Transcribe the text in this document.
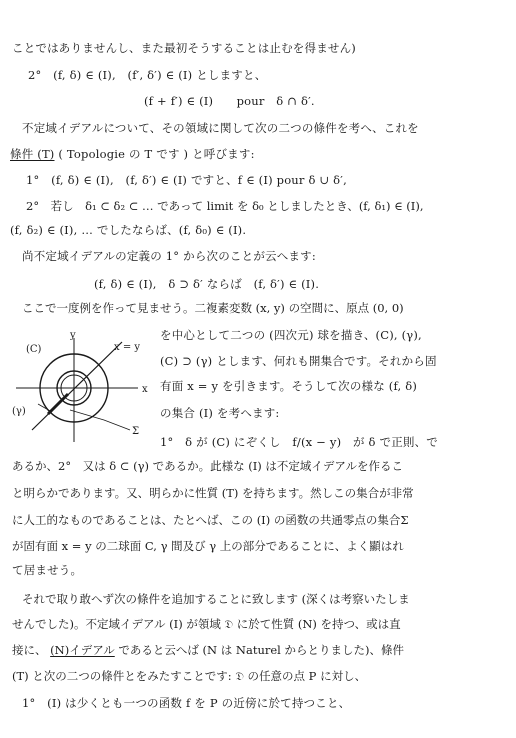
ことではありませんし、また最初そうすることは止むを得ません)
2°　(f, δ) ∈ (I),　(f′, δ′) ∈ (I) としますと、
(f + f′) ∈ (I)　　pour　δ ∩ δ′.
不定域イデアルについて、その領域に関して次の二つの條件を考へ、これを
條件 (T) ( Topologie の T です ) と呼びます:
1°　(f, δ) ∈ (I),　(f, δ′) ∈ (I) ですと、f ∈ (I) pour δ ∪ δ′,
2°　若し　δ₁ ⊂ δ₂ ⊂ … であって limit を δ₀ としましたとき、(f, δ₁) ∈ (I),
(f, δ₂) ∈ (I), … でしたならば、(f, δ₀) ∈ (I).
尚不定域イデアルの定義の 1° から次のことが云へます:
(f, δ) ∈ (I),　δ ⊃ δ′ ならば　(f, δ′) ∈ (I).
ここで一度例を作って見ませう。二複素変数 (x, y) の空間に、原点 (0, 0)
(C)
y
x = y
x
(γ)
Σ
を中心として二つの (四次元) 球を描き、(C), (γ),
(C) ⊃ (γ) とします、何れも開集合です。それから固
有面 x = y を引きます。そうして次の様な (f, δ)
の集合 (I) を考へます:
1°　δ が (C) にぞくし　f/(x − y)　が δ で正則、で
あるか、2°　又は δ ⊂ (γ) であるか。此様な (I) は不定域イデアルを作るこ
と明らかであります。又、明らかに性質 (T) を持ちます。然しこの集合が非常
に人工的なものであることは、たとへば、この (I) の函数の共通零点の集合Σ
が固有面 x = y の二球面 C, γ 間及び γ 上の部分であることに、よく顯はれ
て居ませう。
それで取り敢へず次の條件を追加することに致します (深くは考察いたしま
せんでした)。不定域イデアル (I) が領域 𝔇 に於て性質 (N) を持つ、或は直
接に、 (N)イデアル であると云へば (N は Naturel からとりました)、條件
(T) と次の二つの條件とをみたすことです: 𝔇 の任意の点 P に対し、
1°　(I) は少くとも一つの函数 f を P の近傍に於て持つこと、
